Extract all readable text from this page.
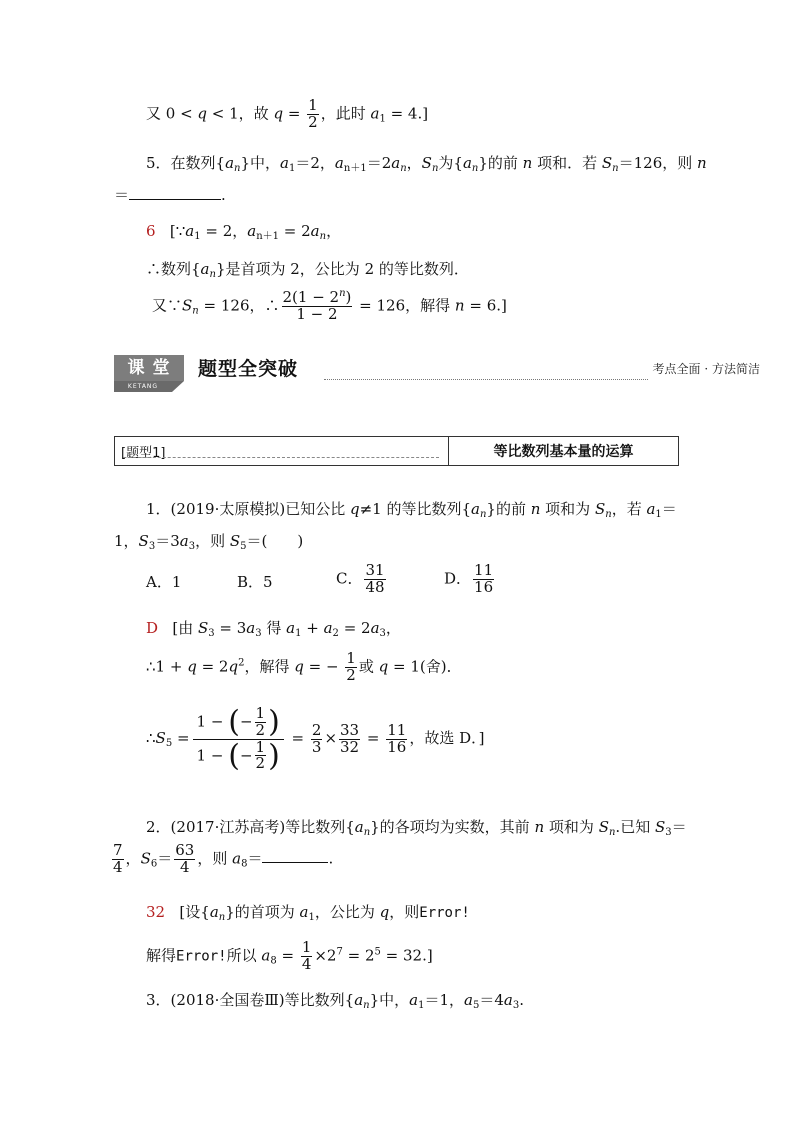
又 0 < q < 1，故 $q = \frac{1}{2}$ ，此时 $a_1 = 4$.]
5．在数列$\{a_n\}$中，$a_1=2$，$a_{n+1}=2a_n$，$S_n$为$\{a_n\}$的前 n 项和．若 $S_n=126$，则 n
＝	.
6 [$\because a_1 = 2$，$a_{n+1} = 2a_n$，
∴数列$\{a_n\}$是首项为 2，公比为 2 的等比数列．
又$\because S_n = 126$，∴ $\frac{2(1 - 2^n)}{1 - 2} = 126$，解得 n = 6.]
课 堂
KETANG
题型全突破	考点全面 · 方法简洁
[题型1]	等比数列基本量的运算
1．(2019·太原模拟)已知公比 q≠1 的等比数列$\{a_n\}$的前 n 项和为 $S_n$，若 $a_1=$
1，$S_3=3a_3$，则 $S_5=$(　　)
A．1	B．5	C． $\frac{31}{48}$	D． $\frac{11}{16}$
D [由 $S_3 = 3a_3$ 得 $a_1 + a_2 = 2a_3$，
∴1 + $q = 2q^2$，解得 q = − $\frac{1}{2}$ 或 q = 1(舍)．
$\therefore S_5 = \frac{1 - (- \frac{1}{2} )}{1 - (- \frac{1}{2} )} = \frac{2}{3} \times \frac{33}{32} = \frac{11}{16}$ ，故选 D．]
2．(2017·江苏高考)等比数列$\{a_n\}$的各项均为实数，其前 n 项和为 $S_n$.已知 $S_3=$
$\frac{7}{4}$ ，$S_6= \frac{63}{4}$ ，则 $a_8=$	.
32 [设$\{a_n\}$的首项为 $a_1$，公比为 q，则Error!
解得Error!所以 $a_8 = \frac{1}{4} \times 2^7 = 2^5 = 32$.]
3．(2018·全国卷Ⅲ)等比数列$\{a_n\}$中，$a_1=1$，$a_5=4a_3$.
